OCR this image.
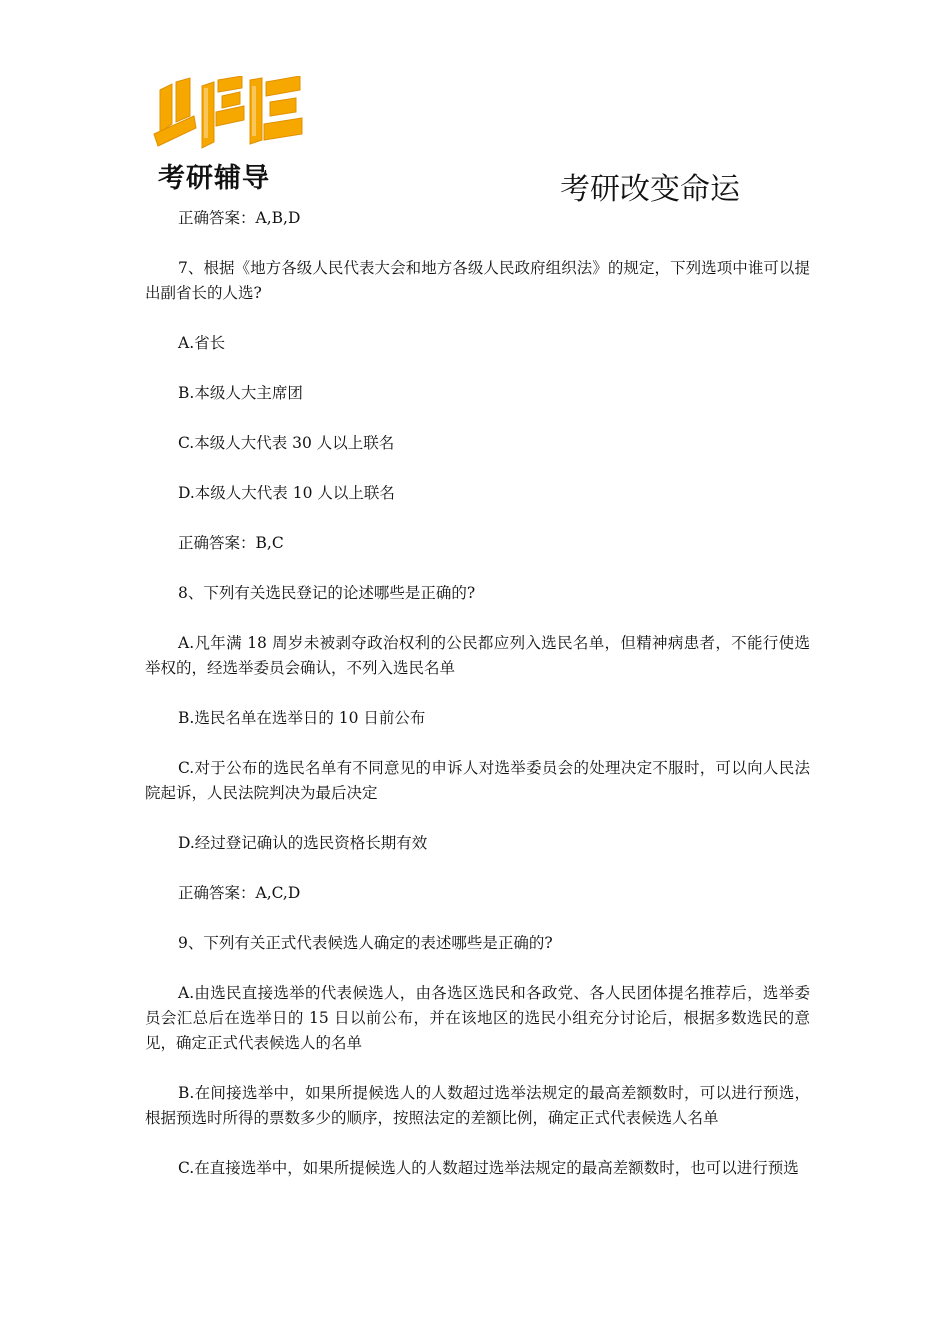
考研辅导	考研改变命运

正确答案：A,B,D

7、根据《地方各级人民代表大会和地方各级人民政府组织法》的规定，下列选项中谁可以提出副省长的人选?

A.省长

B.本级人大主席团

C.本级人大代表 30 人以上联名

D.本级人大代表 10 人以上联名

正确答案：B,C

8、下列有关选民登记的论述哪些是正确的?

A.凡年满 18 周岁未被剥夺政治权利的公民都应列入选民名单，但精神病患者，不能行使选举权的，经选举委员会确认，不列入选民名单

B.选民名单在选举日的 10 日前公布

C.对于公布的选民名单有不同意见的申诉人对选举委员会的处理决定不服时，可以向人民法院起诉，人民法院判决为最后决定

D.经过登记确认的选民资格长期有效

正确答案：A,C,D

9、下列有关正式代表候选人确定的表述哪些是正确的?

A.由选民直接选举的代表候选人，由各选区选民和各政党、各人民团体提名推荐后，选举委员会汇总后在选举日的 15 日以前公布，并在该地区的选民小组充分讨论后，根据多数选民的意见，确定正式代表候选人的名单

B.在间接选举中，如果所提候选人的人数超过选举法规定的最高差额数时，可以进行预选，根据预选时所得的票数多少的顺序，按照法定的差额比例，确定正式代表候选人名单

C.在直接选举中，如果所提候选人的人数超过选举法规定的最高差额数时，也可以进行预选
